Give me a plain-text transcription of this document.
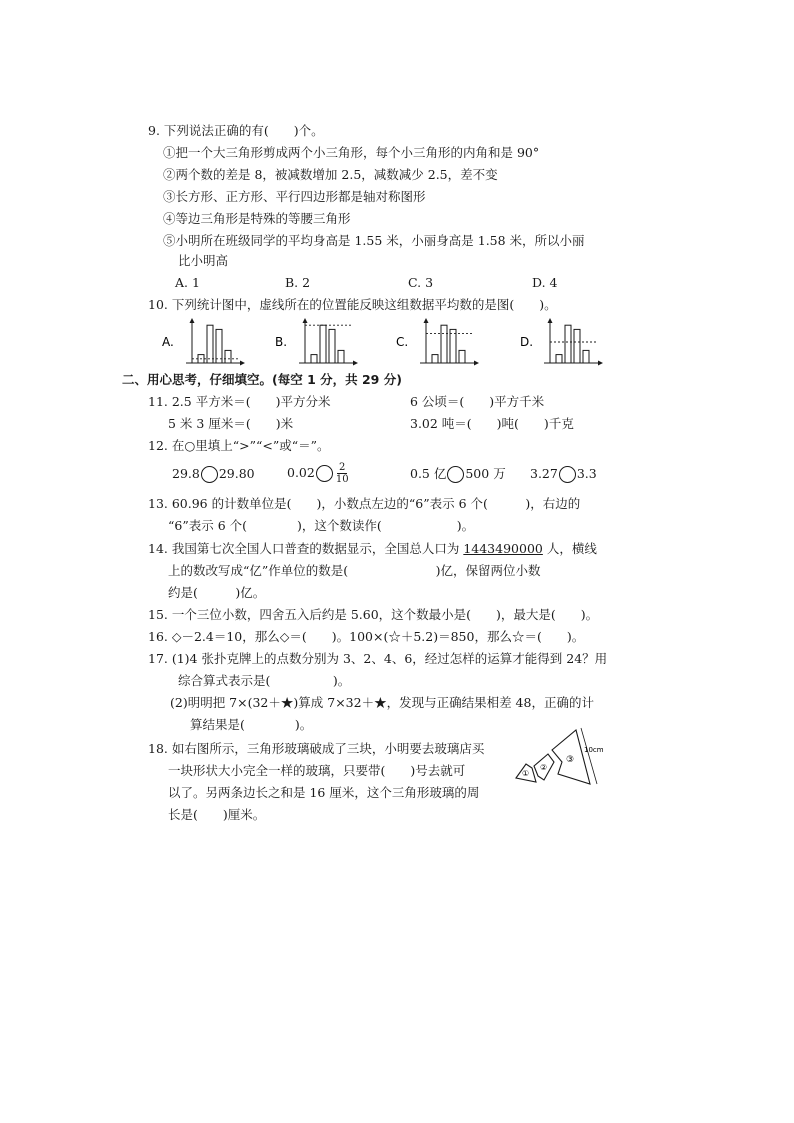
9. 下列说法正确的有(　　)个。
①把一个大三角形剪成两个小三角形，每个小三角形的内角和是 90°
②两个数的差是 8，被减数增加 2.5，减数减少 2.5，差不变
③长方形、正方形、平行四边形都是轴对称图形
④等边三角形是特殊的等腰三角形
⑤小明所在班级同学的平均身高是 1.55 米，小丽身高是 1.58 米，所以小丽
比小明高
A. 1	B. 2	C. 3	D. 4
10. 下列统计图中，虚线所在的位置能反映这组数据平均数的是图(　　)。
A.	B.	C.	D.
二、用心思考，仔细填空。(每空 1 分，共 29 分)
11. 2.5 平方米＝(　　)平方分米	6 公顷＝(　　)平方千米
5 米 3 厘米＝(　　)米	3.02 吨＝(　　)吨(　　)千克
12. 在○里填上“>”“<”或“＝”。
29.8 29.80	$0.02 \frac{2}{10}$	0.5 亿 500 万 3.27 3.3
13. 60.96 的计数单位是(　　)，小数点左边的“6”表示 6 个(　　　)，右边的
“6”表示 6 个(　　　　)，这个数读作(　　　　　　)。
14. 我国第七次全国人口普查的数据显示，全国总人口为 1443490000 人，横线
上的数改写成“亿”作单位的数是(　　　　　　　)亿，保留两位小数
约是(　　　)亿。
15. 一个三位小数，四舍五入后约是 5.60，这个数最小是(　　)，最大是(　　)。
16. ◇－2.4＝10，那么◇＝(　　)。100×(☆＋5.2)＝850，那么☆＝(　　)。
17. (1)4 张扑克牌上的点数分别为 3、2、4、6，经过怎样的运算才能得到 24？用
综合算式表示是(　　　　　)。
(2)明明把 7×(32＋★)算成 7×32＋★，发现与正确结果相差 48，正确的计
算结果是(　　　　)。
18. 如右图所示，三角形玻璃破成了三块，小明要去玻璃店买
一块形状大小完全一样的玻璃，只要带(　　)号去就可
以了。另两条边长之和是 16 厘米，这个三角形玻璃的周
长是(　　)厘米。
①
②
③
10cm
